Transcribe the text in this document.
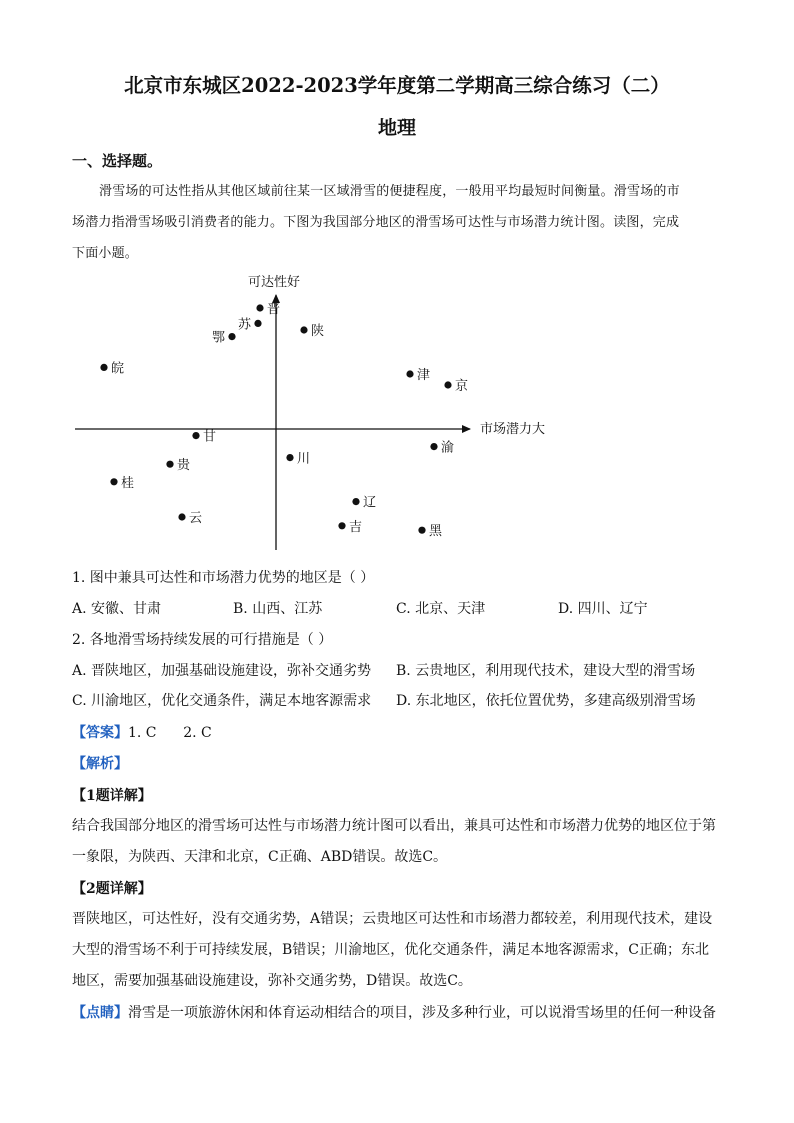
北京市东城区2022-2023学年度第二学期高三综合练习（二）
地理
一、选择题。
滑雪场的可达性指从其他区域前往某一区域滑雪的便捷程度，一般用平均最短时间衡量。滑雪场的市
场潜力指滑雪场吸引消费者的能力。下图为我国部分地区的滑雪场可达性与市场潜力统计图。读图，完成
下面小题。
可达性好
市场潜力大
晋
苏
鄂	陕
皖	津
京
甘
贵
桂
川
渝
辽
吉	黑
云
1. 图中兼具可达性和市场潜力优势的地区是（ ）
A. 安徽、甘肃	B. 山西、江苏	C. 北京、天津	D. 四川、辽宁
2. 各地滑雪场持续发展的可行措施是（ ）
A. 晋陕地区，加强基础设施建设，弥补交通劣势 B. 云贵地区，利用现代技术，建设大型的滑雪场
C. 川渝地区，优化交通条件，满足本地客源需求 D. 东北地区，依托位置优势，多建高级别滑雪场
【答案】1. C      2. C
【解析】
【1题详解】
结合我国部分地区的滑雪场可达性与市场潜力统计图可以看出，兼具可达性和市场潜力优势的地区位于第
一象限，为陕西、天津和北京，C正确、ABD错误。故选C。
【2题详解】
晋陕地区，可达性好，没有交通劣势，A错误；云贵地区可达性和市场潜力都较差，利用现代技术，建设
大型的滑雪场不利于可持续发展，B错误；川渝地区，优化交通条件，满足本地客源需求，C正确；东北
地区，需要加强基础设施建设，弥补交通劣势，D错误。故选C。
【点睛】滑雪是一项旅游休闲和体育运动相结合的项目，涉及多种行业，可以说滑雪场里的任何一种设备
